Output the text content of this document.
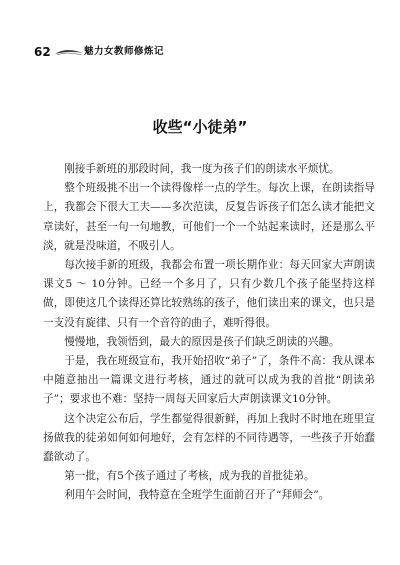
62	魅力女教师修炼记
收些“小徒弟”

刚接手新班的那段时间，我一度为孩子们的朗读水平烦忧。

整个班级挑不出一个读得像样一点的学生。每次上课，在朗读指导上，我都会下很大工夫——多次范读，反复告诉孩子们怎么读才能把文章读好，甚至一句一句地教，可他们一个一个站起来读时，还是那么平淡，就是没味道，不吸引人。

每次接手新的班级，我都会布置一项长期作业：每天回家大声朗读课文5 ～ 10分钟。已经一个多月了，只有少数几个孩子能坚持这样做，即使这几个读得还算比较熟练的孩子，他们读出来的课文，也只是一支没有旋律、只有一个音符的曲子，难听得很。

慢慢地，我领悟到，最大的原因是孩子们缺乏朗读的兴趣。

于是，我在班级宣布，我开始招收“弟子”了，条件不高：我从课本中随意抽出一篇课文进行考核，通过的就可以成为我的首批“朗读弟子”；要求也不难：坚持一周每天回家后大声朗读课文10分钟。

这个决定公布后，学生都觉得很新鲜，再加上我时不时地在班里宣扬做我的徒弟如何如何地好，会有怎样的不同待遇等，一些孩子开始蠢蠢欲动了。

第一批，有5个孩子通过了考核，成为我的首批徒弟。

利用午会时间，我特意在全班学生面前召开了“拜师会”。
